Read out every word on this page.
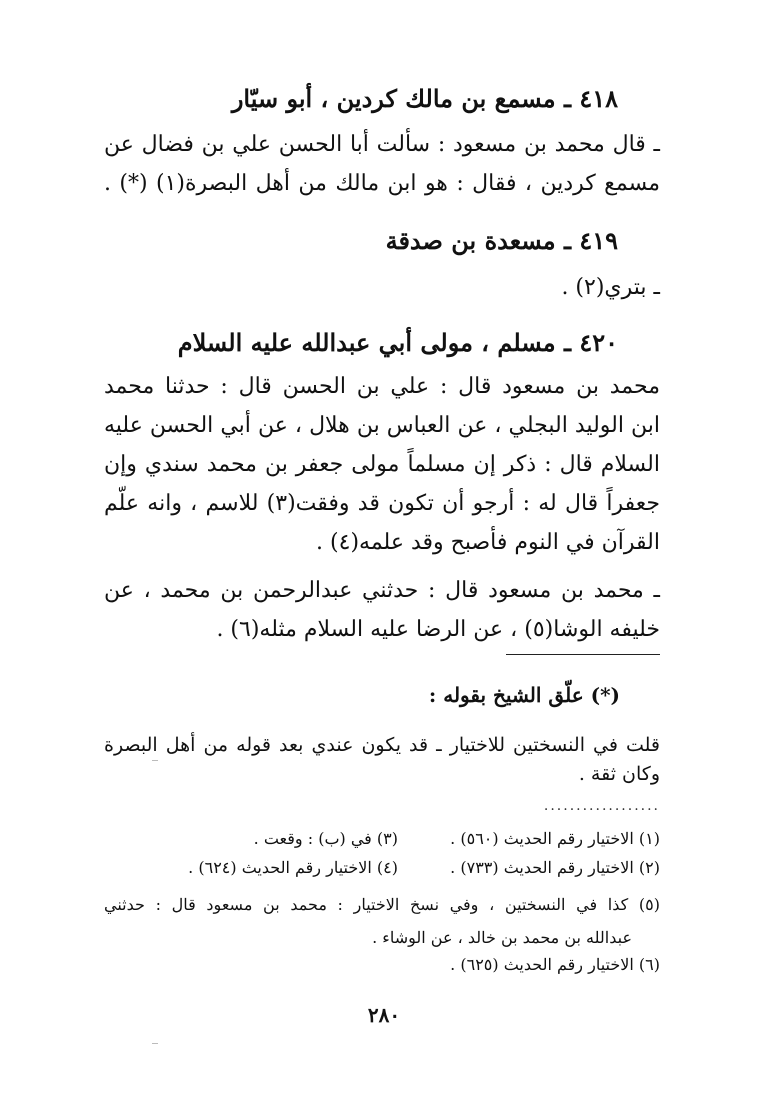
٤١٨ ـ مسمع بن مالك كردين ، أبو سيّار
ـ قال محمد بن مسعود : سألت أبا الحسن علي بن فضال عن
مسمع كردين ، فقال : هو ابن مالك من أهل البصرة(١) (*) .
٤١٩ ـ مسعدة بن صدقة
ـ بتري(٢) .
٤٢٠ ـ مسلم ، مولى أبي عبدالله عليه السلام
محمد بن مسعود قال : علي بن الحسن قال : حدثنا محمد
ابن الوليد البجلي ، عن العباس بن هلال ، عن أبي الحسن عليه
السلام قال : ذكر إن مسلماً مولى جعفر بن محمد سندي وإن
جعفراً قال له : أرجو أن تكون قد وفقت(٣) للاسم ، وانه علّم
القرآن في النوم فأصبح وقد علمه(٤) .
ـ محمد بن مسعود قال : حدثني عبدالرحمن بن محمد ، عن
خليفه الوشا(٥) ، عن الرضا عليه السلام مثله(٦) .
(*) علّق الشيخ بقوله :
قلت في النسختين للاختيار ـ قد يكون عندي بعد قوله من أهل البصرة
وكان ثقة .
..................
(١) الاختيار رقم الحديث (٥٦٠) .
(٣) في (ب) : وقعت .
(٢) الاختيار رقم الحديث (٧٣٣) .
(٤) الاختيار رقم الحديث (٦٢٤) .
(٥) كذا في النسختين ، وفي نسخ الاختيار : محمد بن مسعود قال : حدثني
عبدالله بن محمد بن خالد ، عن الوشاء .
(٦) الاختيار رقم الحديث (٦٢٥) .
٢٨٠
